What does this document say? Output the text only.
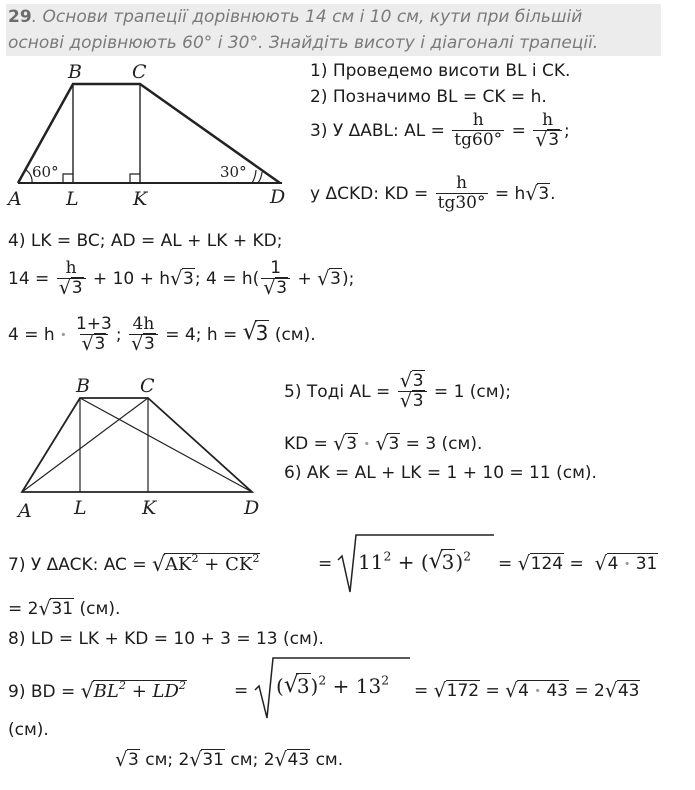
29. Основи трапеції дорівнюють 14 см і 10 см, кути при більшій
основі дорівнюють 60° і 30°. Знайдіть висоту і діагоналі трапеції.
B	C
A L	K	D
60°	30°
B	C
A L	K	D
1) Проведемо висоти BL і CK.
2) Позначимо BL = CK = h.
3) У ΔABL: AL = $\frac{h}{tg60^\circ} = \frac{h}{√ 3}$ ;
у ΔCKD: KD = $\frac{h}{tg30^\circ} = h$ √ 3.
4) LK = BC; AD = AL + LK + KD;
$14 = \frac{h}{√ 3} + 10 + h$ √ 3; $4 = h( \frac{1}{√ 3}$ + √ 3);
4 = h • $\frac{1+3}{√ 3}$ ; $\frac{4h}{√ 3} = 4$; h = √
3 (см).
5) Тоді AL = $\frac{√ 3}{√ 3} = 1$ (см);
KD = √ 3 • √ 3 = 3 (см).
6) AK = AL + LK = 1 + 10 = 11 (см).
7) У ΔACK: AC = √ $AK^2 + CK^2$	= $11^2$ + ( √
3)$^2$ = √ 124 = √ 4 • 31
= 2 √ 31 (см).
8) LD = LK + KD = 10 + 3 = 13 (см).
9) BD = √ $BL^2 + LD^2$	= ( √
$3)^2 + 13^2$
= √ 172 = √ 4 • 43 = 2 √ 43
(см).
√ 3 см; 2 √ 31 см; 2 √ 43 см.
